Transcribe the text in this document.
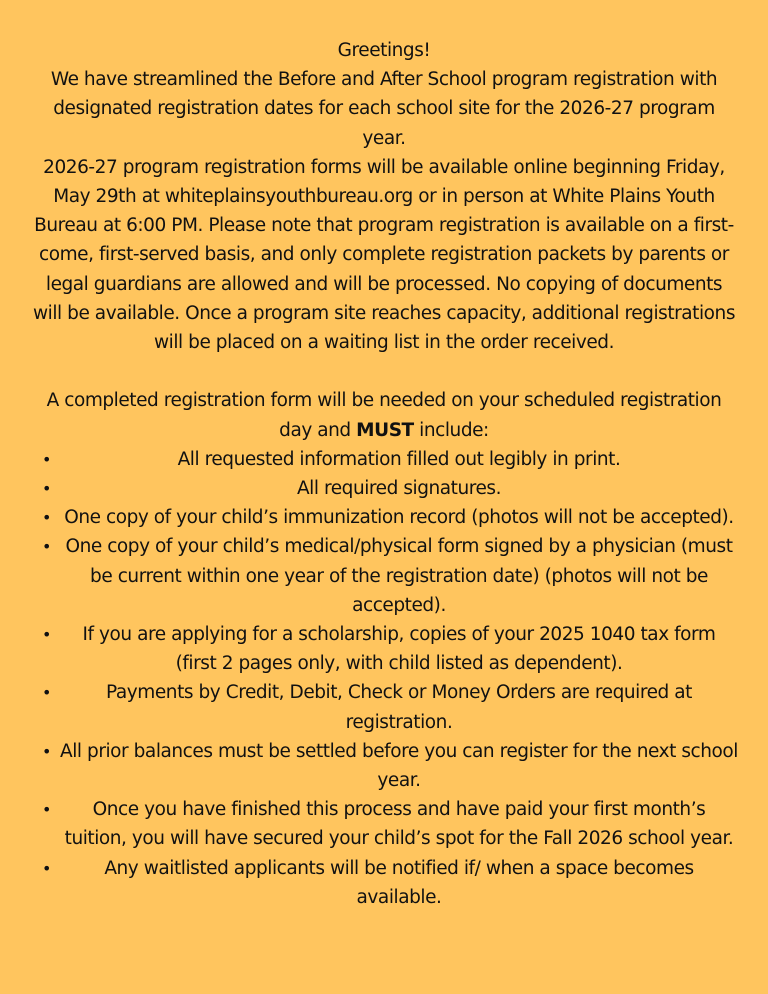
Greetings!
We have streamlined the Before and After School program registration with designated registration dates for each school site for the 2026-27 program year.
2026-27 program registration forms will be available online beginning Friday, May 29th at whiteplainsyouthbureau.org or in person at White Plains Youth Bureau at 6:00 PM. Please note that program registration is available on a first-come, first-served basis, and only complete registration packets by parents or legal guardians are allowed and will be processed. No copying of documents will be available. Once a program site reaches capacity, additional registrations will be placed on a waiting list in the order received.
A completed registration form will be needed on your scheduled registration day and MUST include:
•	All requested information filled out legibly in print.
•	All required signatures.
• One copy of your child’s immunization record (photos will not be accepted).
• One copy of your child’s medical/physical form signed by a physician (must be current within one year of the registration date) (photos will not be accepted).
• If you are applying for a scholarship, copies of your 2025 1040 tax form (first 2 pages only, with child listed as dependent).
•	Payments by Credit, Debit, Check or Money Orders are required at registration.
• All prior balances must be settled before you can register for the next school year.
• Once you have finished this process and have paid your first month’s tuition, you will have secured your child’s spot for the Fall 2026 school year.
•	Any waitlisted applicants will be notified if/ when a space becomes available.
